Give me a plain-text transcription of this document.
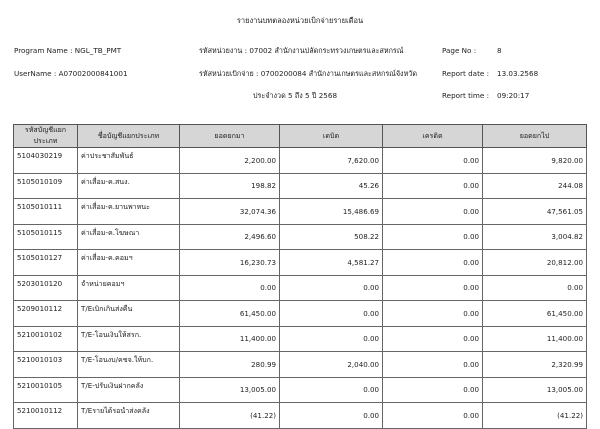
รายงานบทตลองหน่วยเบิกจ่ายรายเดือน
Program Name : NGL_TB_PMT
UserName : A07002000841001
รหัสหน่วยงาน : 07002 สำนักงานปลัดกระทรวงเกษตรและสหกรณ์
รหัสหน่วยเบิกจ่าย : 0700200084 สำนักงานเกษตรและสหกรณ์จังหวัด
ประจำงวด 5 ถึง 5 ปี 2568
Page No :	8
Report date : 13.03.2568
Report time : 09:20:17
รหัสบัญชีแยกประเภท	ชื่อบัญชีแยกประเภท	ยอดยกมา	เดบิต	เครดิต	ยอดยกไป
5104030219	ค่าประชาสัมพันธ์	2,200.00	7,620.00	0.00	9,820.00
5105010109	ค่าเสื่อม-ค.สนง.	198.82	45.26	0.00	244.08
5105010111	ค่าเสื่อม-ค.ยานพาหนะ	32,074.36	15,486.69	0.00	47,561.05
5105010115	ค่าเสื่อม-ค.โฆษณา	2,496.60	508.22	0.00	3,004.82
5105010127	ค่าเสื่อม-ค.คอมฯ	16,230.73	4,581.27	0.00	20,812.00
5203010120	จำหน่ายคอมฯ	0.00	0.00	0.00	0.00
5209010112	T/Eเบิกเกินส่งคืน	61,450.00	0.00	0.00	61,450.00
5210010102	T/E-โอนเงินให้สรก.	11,400.00	0.00	0.00	11,400.00
5210010103	T/E-โอนงบ/คชจ.ให้บก.	280.99	2,040.00	0.00	2,320.99
5210010105	T/E-ปรับเงินฝากคลัง	13,005.00	0.00	0.00	13,005.00
5210010112	T/Eรายได้รอนำส่งคลัง	(41.22)	0.00	0.00	(41.22)
